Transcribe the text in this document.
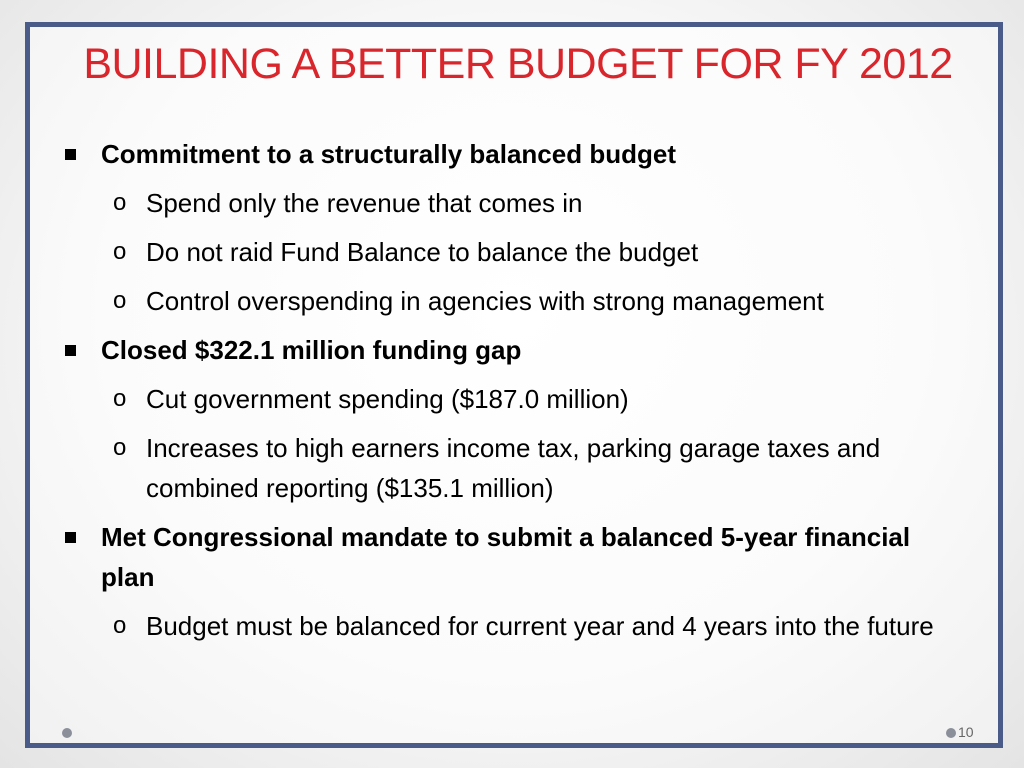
BUILDING A BETTER BUDGET FOR FY 2012
Commitment to a structurally balanced budget
o Spend only the revenue that comes in
o Do not raid Fund Balance to balance the budget
o Control overspending in agencies with strong management
Closed $322.1 million funding gap
o Cut government spending ($187.0 million)
o Increases to high earners income tax, parking garage taxes and combined reporting ($135.1 million)
Met Congressional mandate to submit a balanced 5-year financial plan
o Budget must be balanced for current year and 4 years into the future
10
